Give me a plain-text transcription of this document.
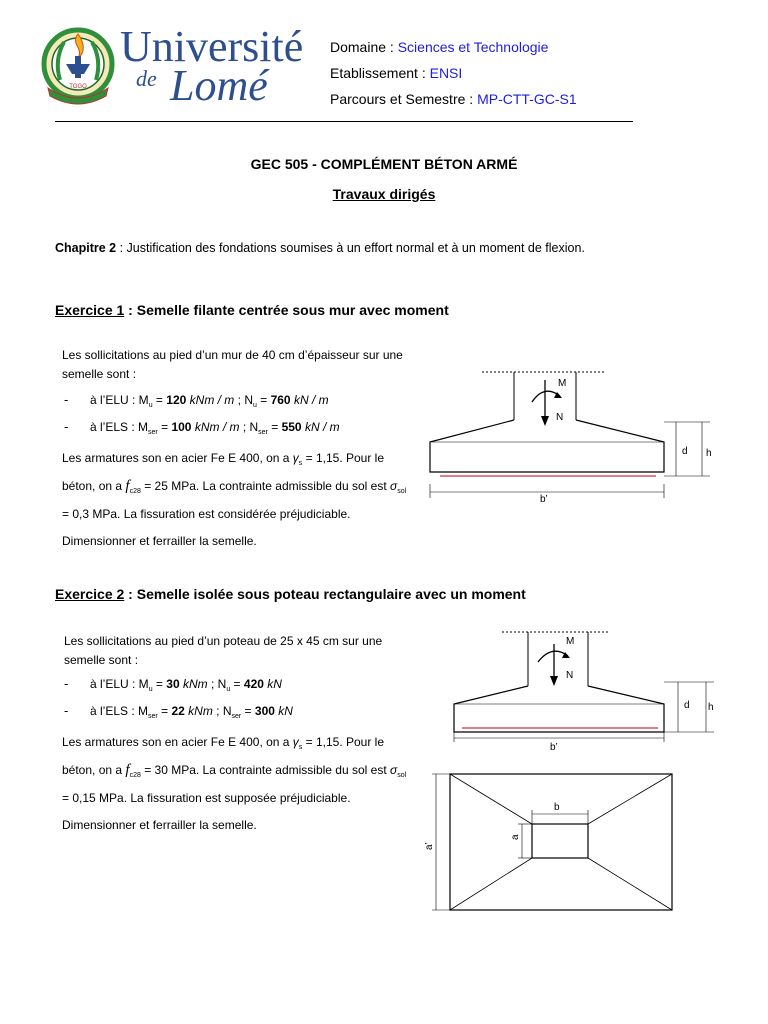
TOGO
Université
de Lomé
Domaine : Sciences et Technologie
Etablissement : ENSI
Parcours et Semestre : MP-CTT-GC-S1
GEC 505 - COMPLÉMENT BÉTON ARMÉ
Travaux dirigés
Chapitre 2 : Justification des fondations soumises à un effort normal et à un moment de flexion.
Exercice 1 : Semelle filante centrée sous mur avec moment
Les sollicitations au pied d’un mur de 40 cm d’épaisseur sur une semelle sont :
- à l’ELU : $M_u = 120$ kNm / m ; $N_u = 760$ kN / m
- à l’ELS : $M_{ser} = 100$ kNm / m ; $N_{ser} = 550$ kN / m
Les armatures son en acier Fe E 400, on a $\gamma_s = 1,15$. Pour le béton, on a $f_{c28} = 25$ MPa. La contrainte admissible du sol est $\sigma_{sol} = 0,3$ MPa. La fissuration est considérée préjudiciable.
Dimensionner et ferrailler la semelle.
M
N
d h
b’
Exercice 2 : Semelle isolée sous poteau rectangulaire avec un moment
Les sollicitations au pied d’un poteau de 25 x 45 cm sur une semelle sont :
- à l’ELU : $M_u = 30$ kNm ; $N_u = 420$ kN
- à l’ELS : $M_{ser} = 22$ kNm ; $N_{ser} = 300$ kN
Les armatures son en acier Fe E 400, on a $\gamma_s = 1,15$. Pour le béton, on a $f_{c28} = 30$ MPa. La contrainte admissible du sol est $\sigma_{sol} = 0,15$ MPa. La fissuration est supposée préjudiciable.
Dimensionner et ferrailler la semelle.
M
N
d h
b’
a’
b
a
